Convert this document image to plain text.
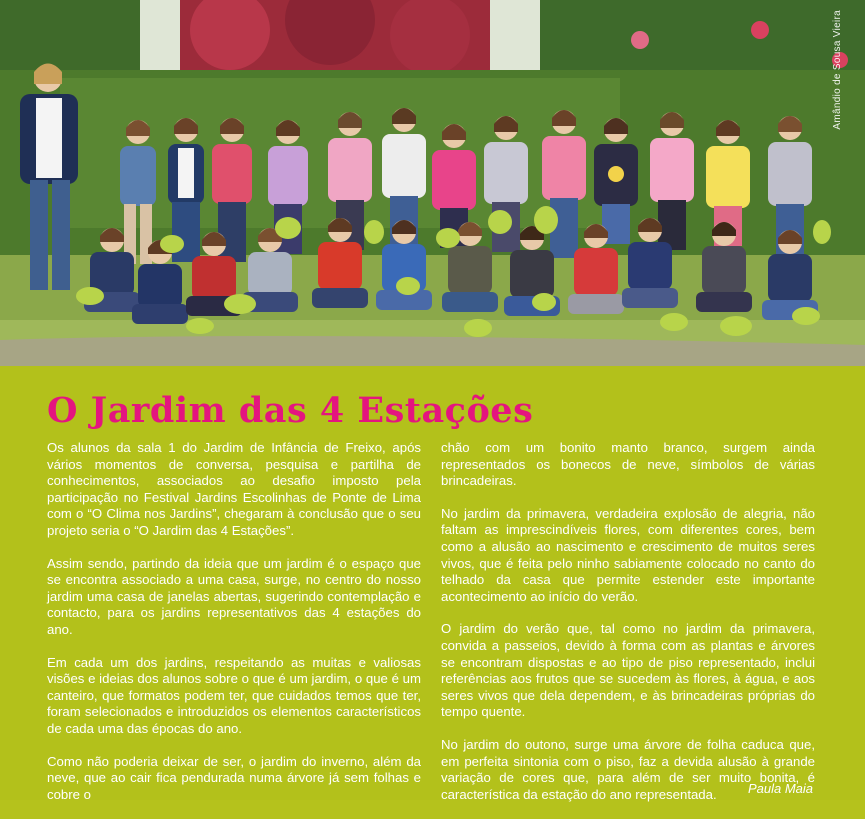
Amândio de Sousa Vieira
O Jardim das 4 Estações

Os alunos da sala 1 do Jardim de Infância de Freixo, após vários momentos de conversa, pesquisa e partilha de conhecimentos, associados ao desafio imposto pela participação no Festival Jardins Escolinhas de Ponte de Lima com o “O Clima nos Jardins”, chegaram à conclusão que o seu projeto seria o “O Jardim das 4 Estações”.

Assim sendo, partindo da ideia que um jardim é o espaço que se encontra associado a uma casa, surge, no centro do nosso jardim uma casa de janelas abertas, sugerindo contemplação e contacto, para os jardins representativos das 4 estações do ano.

Em cada um dos jardins, respeitando as muitas e valiosas visões e ideias dos alunos sobre o que é um jardim, o que é um canteiro, que formatos podem ter, que cuidados temos que ter, foram selecionados e introduzidos os elementos característicos de cada uma das épocas do ano.

Como não poderia deixar de ser, o jardim do inverno, além da neve, que ao cair fica pendurada numa árvore já sem folhas e cobre o

chão com um bonito manto branco, surgem ainda representados os bonecos de neve, símbolos de várias brincadeiras.

No jardim da primavera, verdadeira explosão de alegria, não faltam as imprescindíveis flores, com diferentes cores, bem como a alusão ao nascimento e crescimento de muitos seres vivos, que é feita pelo ninho sabiamente colocado no canto do telhado da casa que permite estender este importante acontecimento ao início do verão.

O jardim do verão que, tal como no jardim da primavera, convida a passeios, devido à forma com as plantas e árvores se encontram dispostas e ao tipo de piso representado, inclui referências aos frutos que se sucedem às flores, à água, e aos seres vivos que dela dependem, e às brincadeiras próprias do tempo quente.

No jardim do outono, surge uma árvore de folha caduca que, em perfeita sintonia com o piso, faz a devida alusão à grande variação de cores que, para além de ser muito bonita, é característica da estação do ano representada.	Paula Maia
